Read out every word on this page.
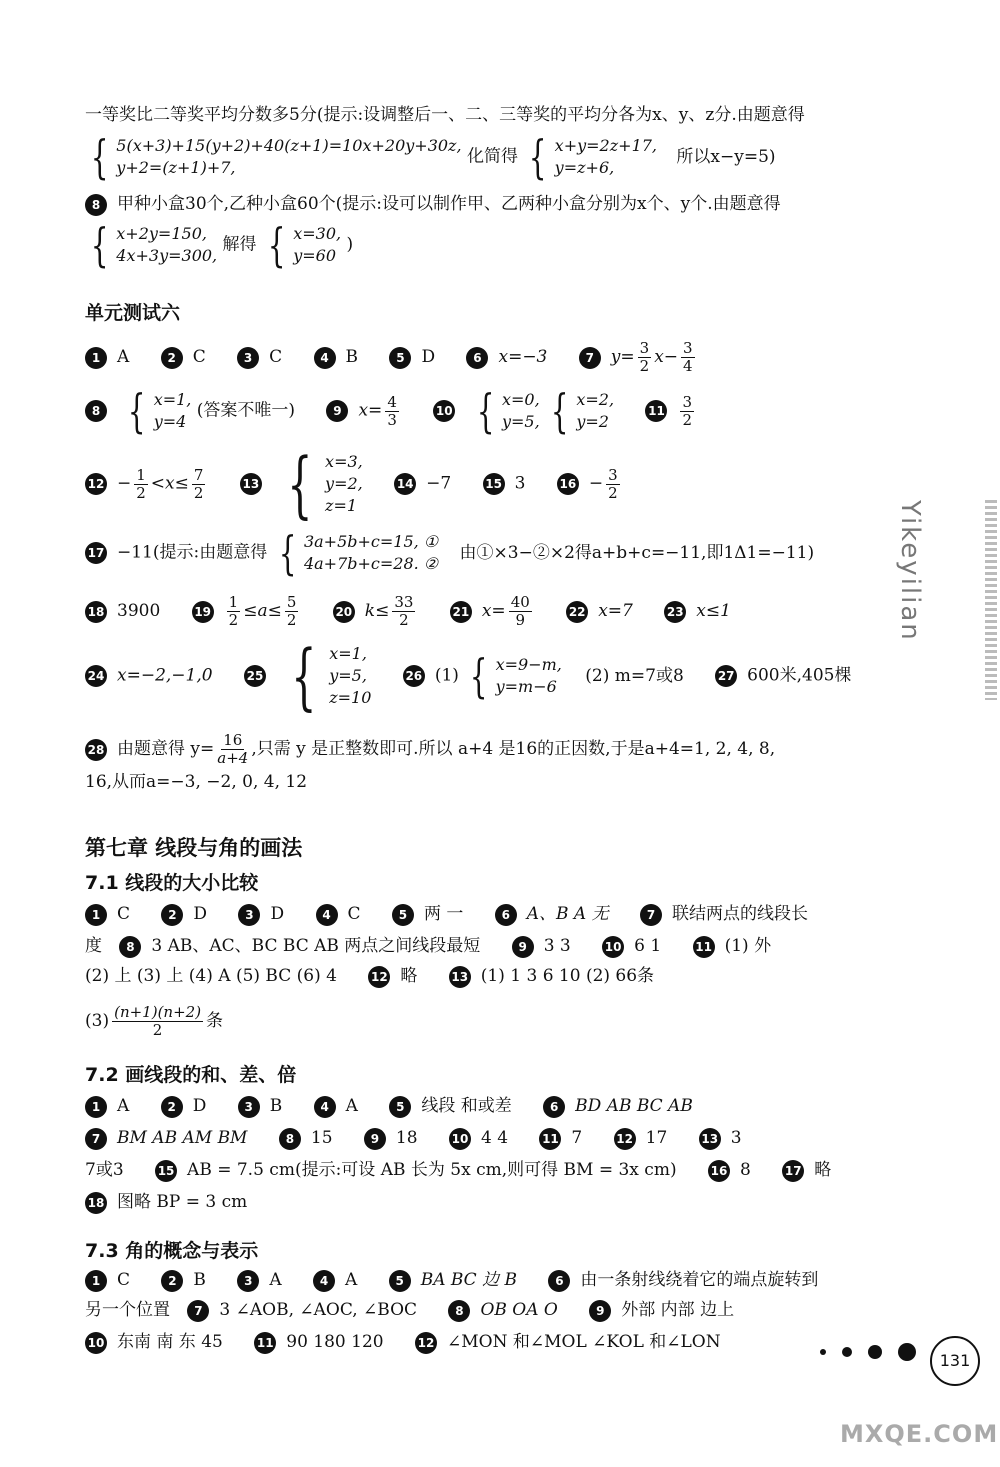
一等奖比二等奖平均分数多5分(提示:设调整后一、二、三等奖的平均分各为x、y、z分.由题意得
{ 5(x+3)+15(y+2)+40(z+1)=10x+20y+30z,
y+2=(z+1)+7,
化简得 { x+y=2z+17,
y=z+6,
所以x−y=5)
8 甲种小盒30个,乙种小盒60个(提示:设可以制作甲、乙两种小盒分别为x个、y个.由题意得
{ x+2y=150,
4x+3y=300,
解得 { x=30,
y=60
)
单元测试六
1 A	2 C	3 C	4 B	5 D	6 x=−3	7 $y= \frac{3}{2} x- \frac{3}{4}$
8 { x=1,
y=4
(答案不唯一)	9 $x= \frac{4}{3}$	10 { x=0,
y=5,
{ x=2,
y=2
$11 \frac{3}{2}$
$12 - \frac{1}{2} <x\le \frac{7}{2}$	13 { x=3,
y=2,
z=1
14 −7	15 3	$16 - \frac{3}{2}$
17 −11(提示:由题意得 { 3a+5b+c=15, ①
4a+7b+c=28. ②
由①×3−②×2得a+b+c=−11,即1Δ1=−11)
18 3900	$19 \frac{1}{2} \le a\le \frac{5}{2}$	20 $k\le \frac{33}{2}$	21 $x= \frac{40}{9}$	22 x=7	23 x≤1
24 x=−2,−1,0	25 { x=1,
y=5,
z=10
26 (1) { x=9−m,
y=m−6
(2) m=7或8	27 600米,405棵
28 由题意得 $y= \frac{16}{a+4}$ ,只需 y 是正整数即可.所以 a+4 是16的正因数,于是a+4=1, 2, 4, 8,
16,从而a=−3, −2, 0, 4, 12
第七章 线段与角的画法
7.1 线段的大小比较
1 C	2 D	3 D	4 C	5 两 一	6 A、B A 无	7 联结两点的线段长
度 8 3 AB、AC、BC BC AB 两点之间线段最短	9 3 3	10 6 1	11 (1) 外
(2) 上 (3) 上 (4) A (5) BC (6) 4	12 略	13 (1) 1 3 6 10 (2) 66条
$(3) \frac{(n+1)(n+2)}{2}$ 条
7.2 画线段的和、差、倍
1 A	2 D	3 B	4 A	5 线段 和或差	6 BD AB BC AB
7 BM AB AM BM	8 15	9 18	10 4 4	11 7	12 17	13 3
7或3	15 AB = 7.5 cm(提示:可设 AB 长为 5x cm,则可得 BM = 3x cm)	16 8	17 略
18 图略 BP = 3 cm
7.3 角的概念与表示
1 C	2 B	3 A	4 A	5 BA BC 边 B	6 由一条射线绕着它的端点旋转到
另一个位置 7 3 ∠AOB, ∠AOC, ∠BOC	8 OB OA O	9 外部 内部 边上
10 东南 南 东 45	11 90 180 120	12 ∠MON 和∠MOL ∠KOL 和∠LON
Yikeyilian
131
MXQE.COM
